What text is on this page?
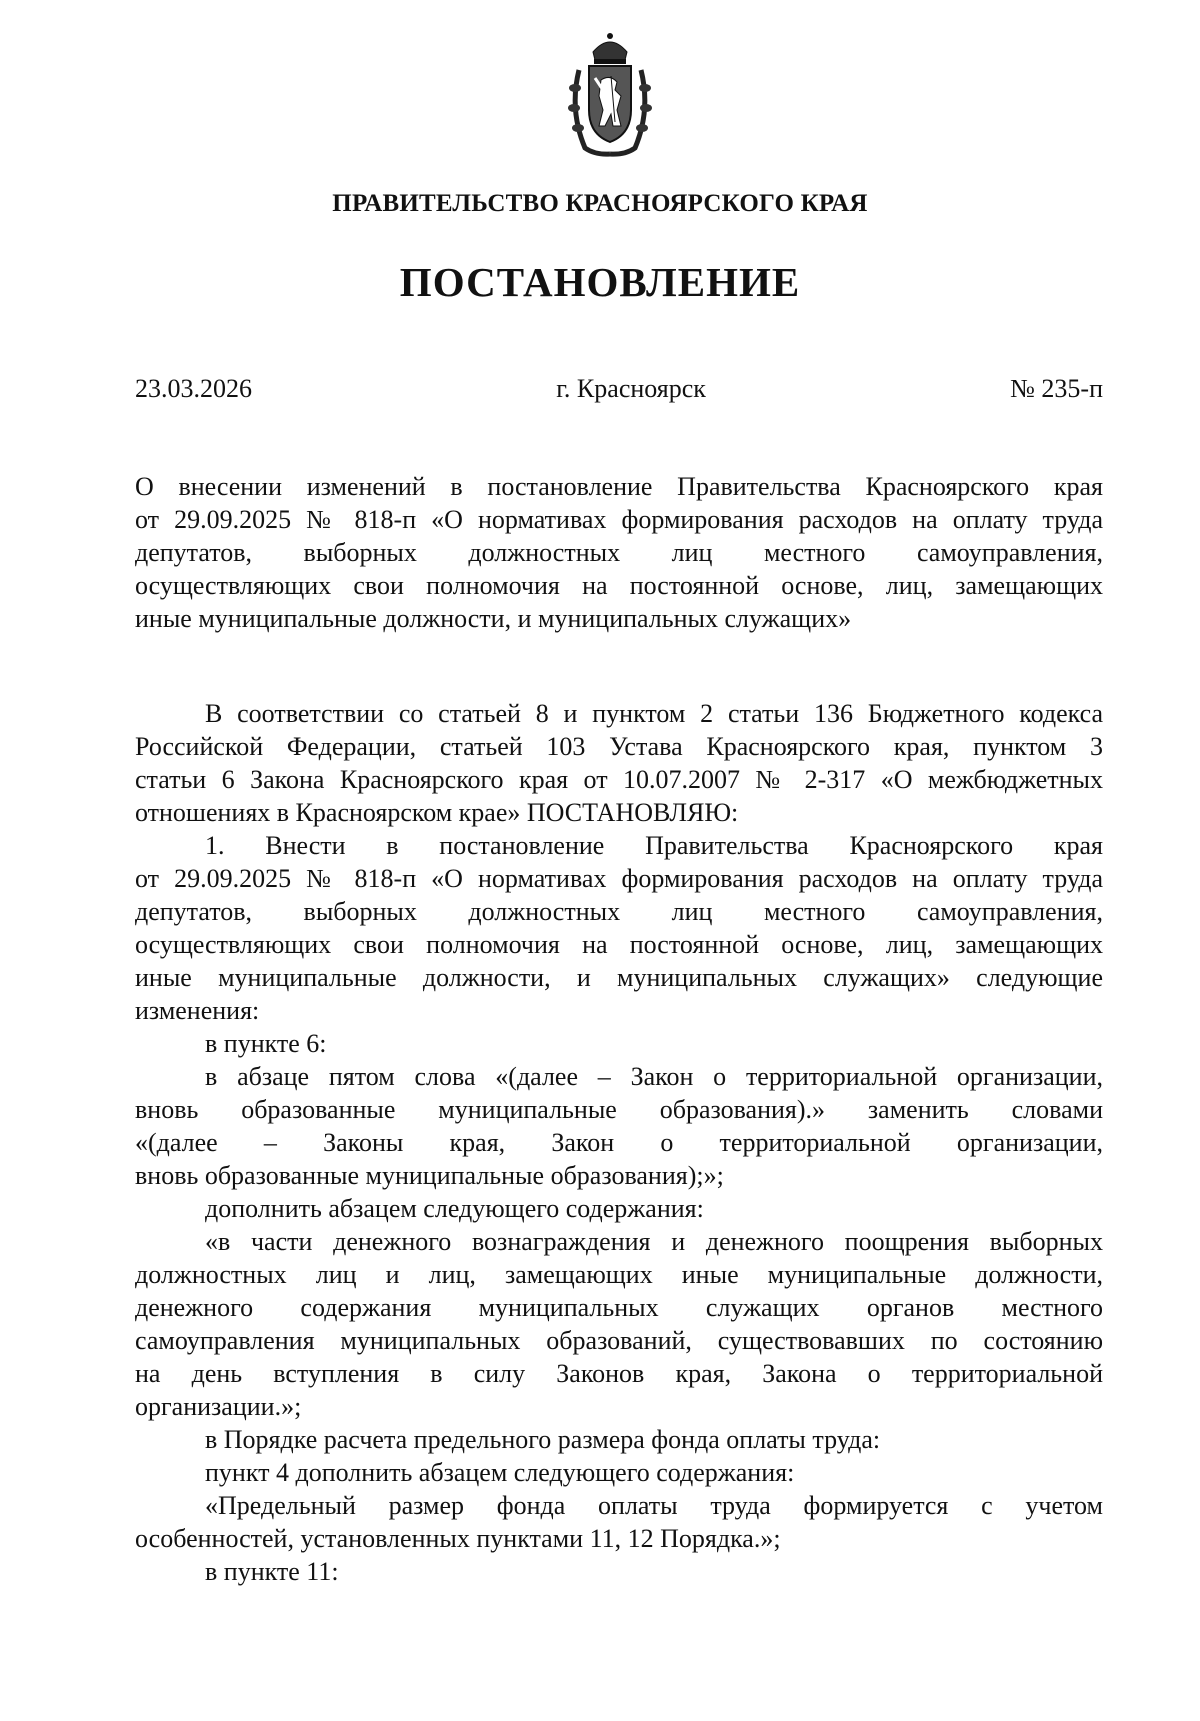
ПРАВИТЕЛЬСТВО КРАСНОЯРСКОГО КРАЯ
ПОСТАНОВЛЕНИЕ
23.03.2026	г. Красноярск	№ 235-п
О внесении изменений в постановление Правительства Красноярского края
от 29.09.2025 № 818-п «О нормативах формирования расходов на оплату труда
депутатов, выборных должностных лиц местного самоуправления,
осуществляющих свои полномочия на постоянной основе, лиц, замещающих
иные муниципальные должности, и муниципальных служащих»
В соответствии со статьей 8 и пунктом 2 статьи 136 Бюджетного кодекса
Российской Федерации, статьей 103 Устава Красноярского края, пунктом 3
статьи 6 Закона Красноярского края от 10.07.2007 № 2-317 «О межбюджетных
отношениях в Красноярском крае» ПОСТАНОВЛЯЮ:
1. Внести в постановление Правительства Красноярского края
от 29.09.2025 № 818-п «О нормативах формирования расходов на оплату труда
депутатов, выборных должностных лиц местного самоуправления,
осуществляющих свои полномочия на постоянной основе, лиц, замещающих
иные муниципальные должности, и муниципальных служащих» следующие
изменения:
в пункте 6:
в абзаце пятом слова «(далее – Закон о территориальной организации,
вновь образованные муниципальные образования).» заменить словами
«(далее – Законы края, Закон о территориальной организации,
вновь образованные муниципальные образования);»;
дополнить абзацем следующего содержания:
«в части денежного вознаграждения и денежного поощрения выборных
должностных лиц и лиц, замещающих иные муниципальные должности,
денежного содержания муниципальных служащих органов местного
самоуправления муниципальных образований, существовавших по состоянию
на день вступления в силу Законов края, Закона о территориальной
организации.»;
в Порядке расчета предельного размера фонда оплаты труда:
пункт 4 дополнить абзацем следующего содержания:
«Предельный размер фонда оплаты труда формируется с учетом
особенностей, установленных пунктами 11, 12 Порядка.»;
в пункте 11:
